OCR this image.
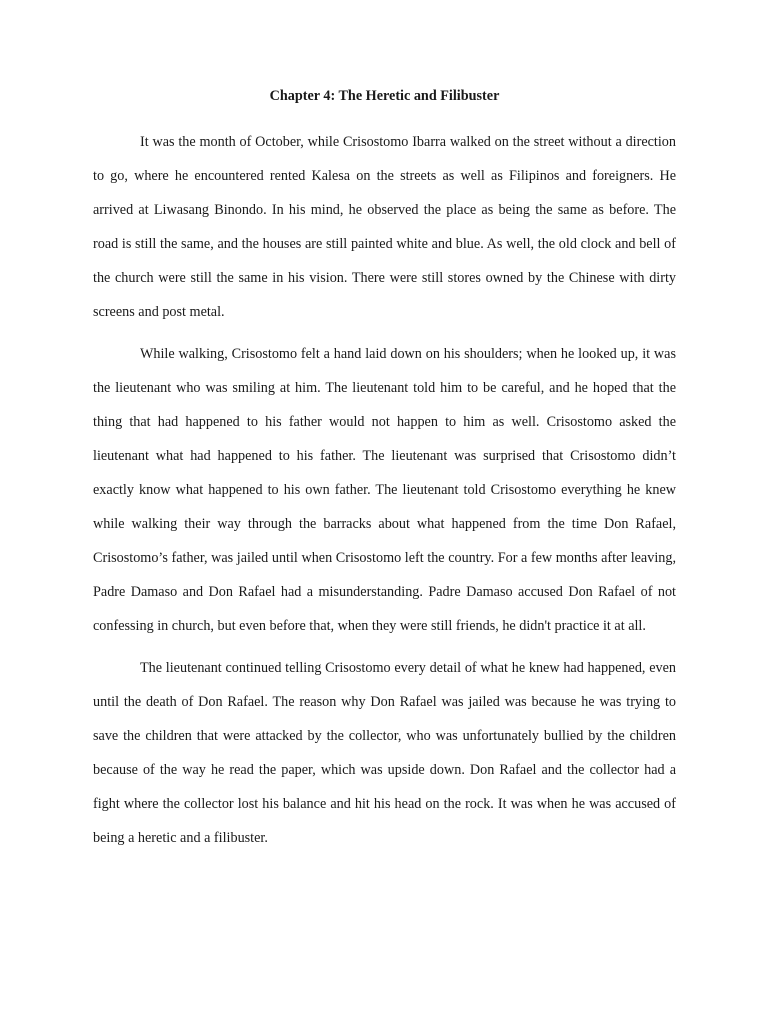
Chapter 4: The Heretic and Filibuster

It was the month of October, while Crisostomo Ibarra walked on the street without a direction to go, where he encountered rented Kalesa on the streets as well as Filipinos and foreigners. He arrived at Liwasang Binondo. In his mind, he observed the place as being the same as before. The road is still the same, and the houses are still painted white and blue. As well, the old clock and bell of the church were still the same in his vision. There were still stores owned by the Chinese with dirty screens and post metal.

While walking, Crisostomo felt a hand laid down on his shoulders; when he looked up, it was the lieutenant who was smiling at him. The lieutenant told him to be careful, and he hoped that the thing that had happened to his father would not happen to him as well. Crisostomo asked the lieutenant what had happened to his father. The lieutenant was surprised that Crisostomo didn’t exactly know what happened to his own father. The lieutenant told Crisostomo everything he knew while walking their way through the barracks about what happened from the time Don Rafael, Crisostomo’s father, was jailed until when Crisostomo left the country. For a few months after leaving, Padre Damaso and Don Rafael had a misunderstanding. Padre Damaso accused Don Rafael of not confessing in church, but even before that, when they were still friends, he didn't practice it at all.

The lieutenant continued telling Crisostomo every detail of what he knew had happened, even until the death of Don Rafael. The reason why Don Rafael was jailed was because he was trying to save the children that were attacked by the collector, who was unfortunately bullied by the children because of the way he read the paper, which was upside down. Don Rafael and the collector had a fight where the collector lost his balance and hit his head on the rock. It was when he was accused of being a heretic and a filibuster.
